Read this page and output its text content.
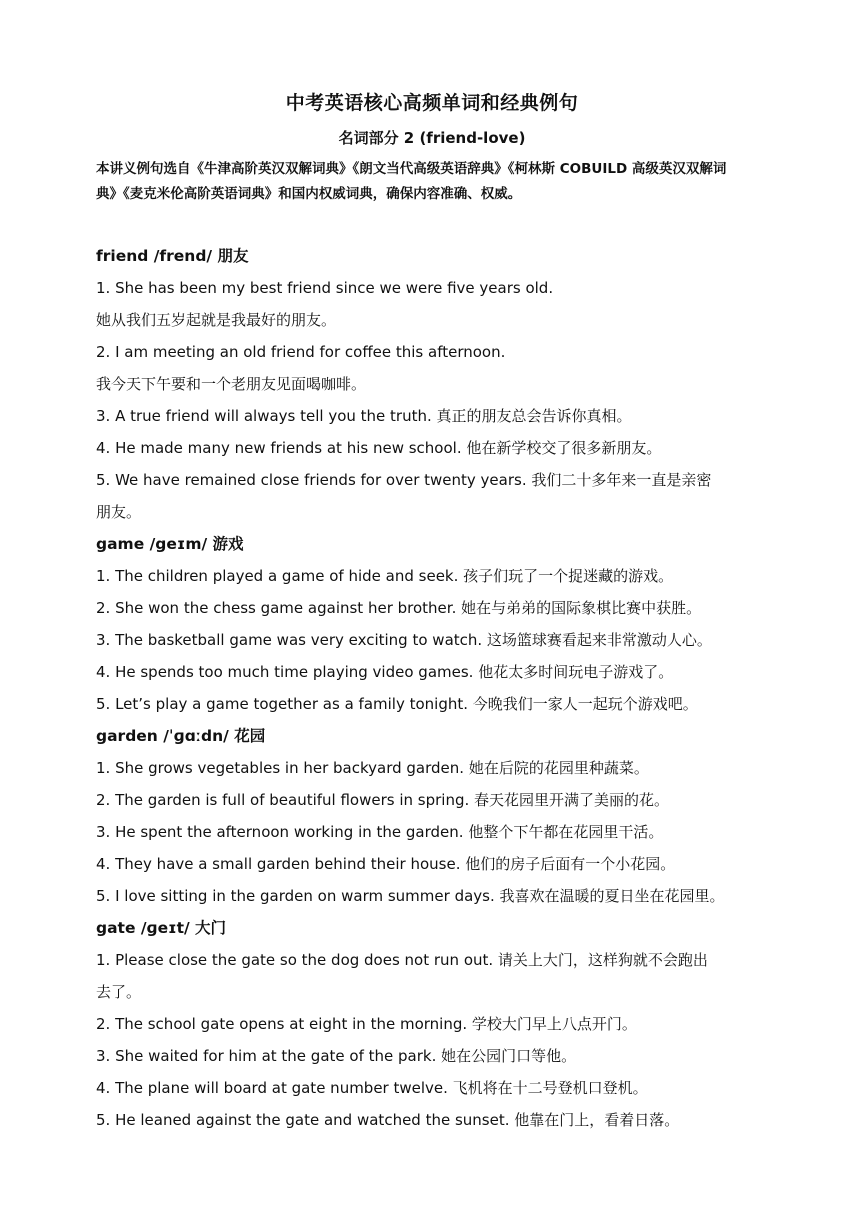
中考英语核心高频单词和经典例句
名词部分 2 (friend-love)
本讲义例句选自《牛津高阶英汉双解词典》《朗文当代高级英语辞典》《柯林斯 COBUILD 高级英汉双解词
典》《麦克米伦高阶英语词典》和国内权威词典，确保内容准确、权威。
friend /frend/ 朋友
1. She has been my best friend since we were five years old.
她从我们五岁起就是我最好的朋友。
2. I am meeting an old friend for coffee this afternoon.
我今天下午要和一个老朋友见面喝咖啡。
3. A true friend will always tell you the truth. 真正的朋友总会告诉你真相。
4. He made many new friends at his new school. 他在新学校交了很多新朋友。
5. We have remained close friends for over twenty years. 我们二十多年来一直是亲密
朋友。
game /geɪm/ 游戏
1. The children played a game of hide and seek. 孩子们玩了一个捉迷藏的游戏。
2. She won the chess game against her brother. 她在与弟弟的国际象棋比赛中获胜。
3. The basketball game was very exciting to watch. 这场篮球赛看起来非常激动人心。
4. He spends too much time playing video games. 他花太多时间玩电子游戏了。
5. Let’s play a game together as a family tonight. 今晚我们一家人一起玩个游戏吧。
garden /ˈɡɑːdn/ 花园
1. She grows vegetables in her backyard garden. 她在后院的花园里种蔬菜。
2. The garden is full of beautiful flowers in spring. 春天花园里开满了美丽的花。
3. He spent the afternoon working in the garden. 他整个下午都在花园里干活。
4. They have a small garden behind their house. 他们的房子后面有一个小花园。
5. I love sitting in the garden on warm summer days. 我喜欢在温暖的夏日坐在花园里。
gate /ɡeɪt/ 大门
1. Please close the gate so the dog does not run out. 请关上大门，这样狗就不会跑出
去了。
2. The school gate opens at eight in the morning. 学校大门早上八点开门。
3. She waited for him at the gate of the park. 她在公园门口等他。
4. The plane will board at gate number twelve. 飞机将在十二号登机口登机。
5. He leaned against the gate and watched the sunset. 他靠在门上，看着日落。
